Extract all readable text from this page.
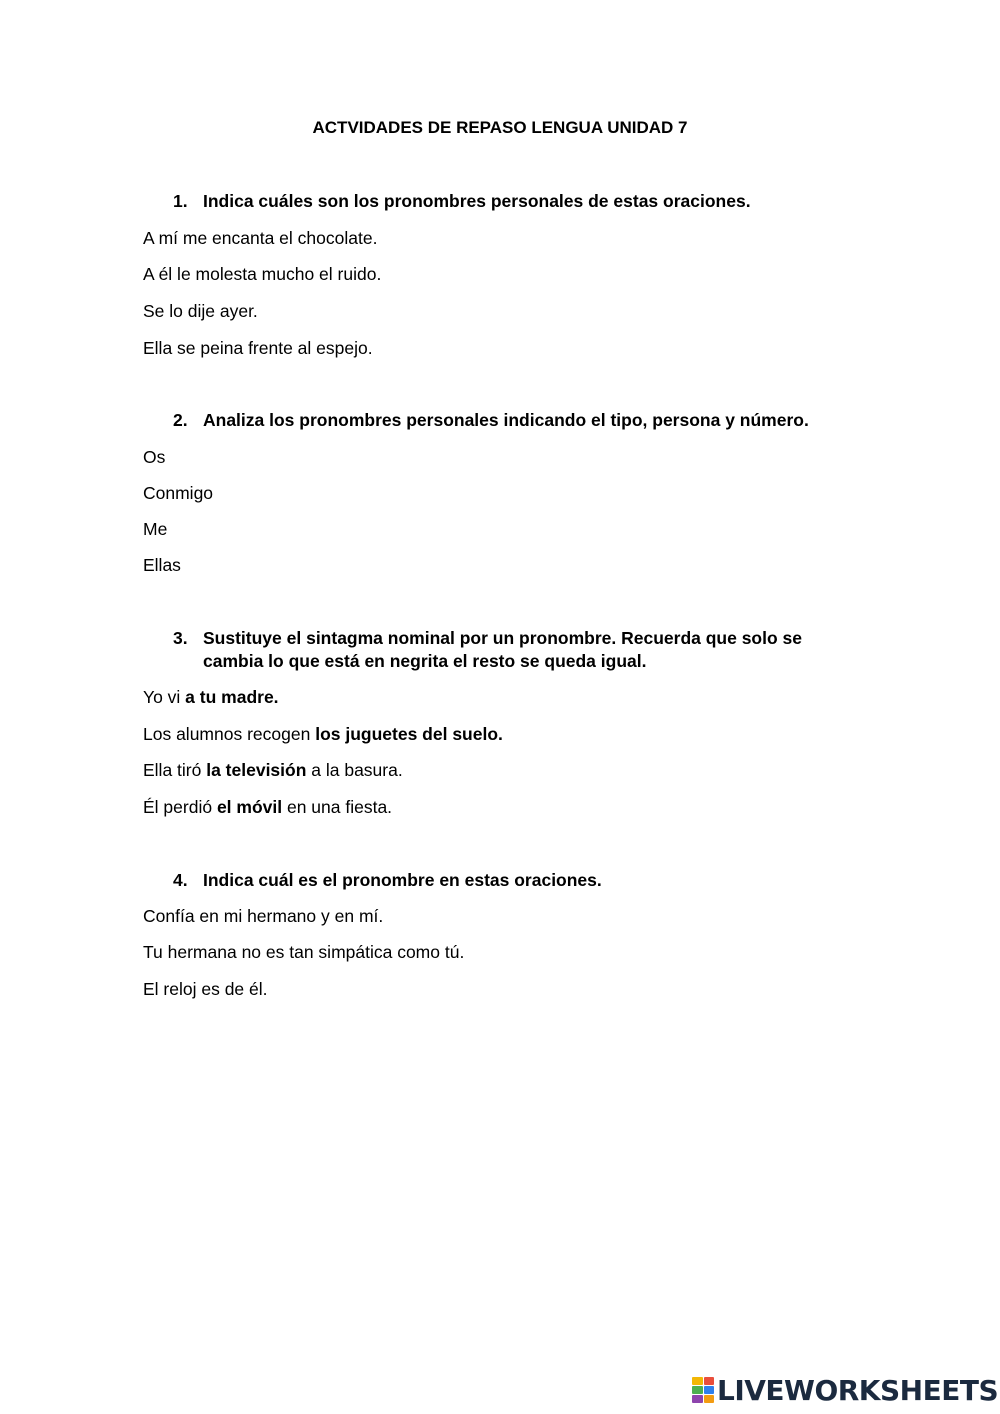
ACTVIDADES DE REPASO LENGUA UNIDAD 7
1. Indica cuáles son los pronombres personales de estas oraciones.
A mí me encanta el chocolate.
A él le molesta mucho el ruido.
Se lo dije ayer.
Ella se peina frente al espejo.
2. Analiza los pronombres personales indicando el tipo, persona y número.
Os
Conmigo
Me
Ellas
3. Sustituye el sintagma nominal por un pronombre. Recuerda que solo se
cambia lo que está en negrita el resto se queda igual.
Yo vi a tu madre.
Los alumnos recogen los juguetes del suelo.
Ella tiró la televisión a la basura.
Él perdió el móvil en una fiesta.
4. Indica cuál es el pronombre en estas oraciones.
Confía en mi hermano y en mí.
Tu hermana no es tan simpática como tú.
El reloj es de él.
LIVEWORKSHEETS
